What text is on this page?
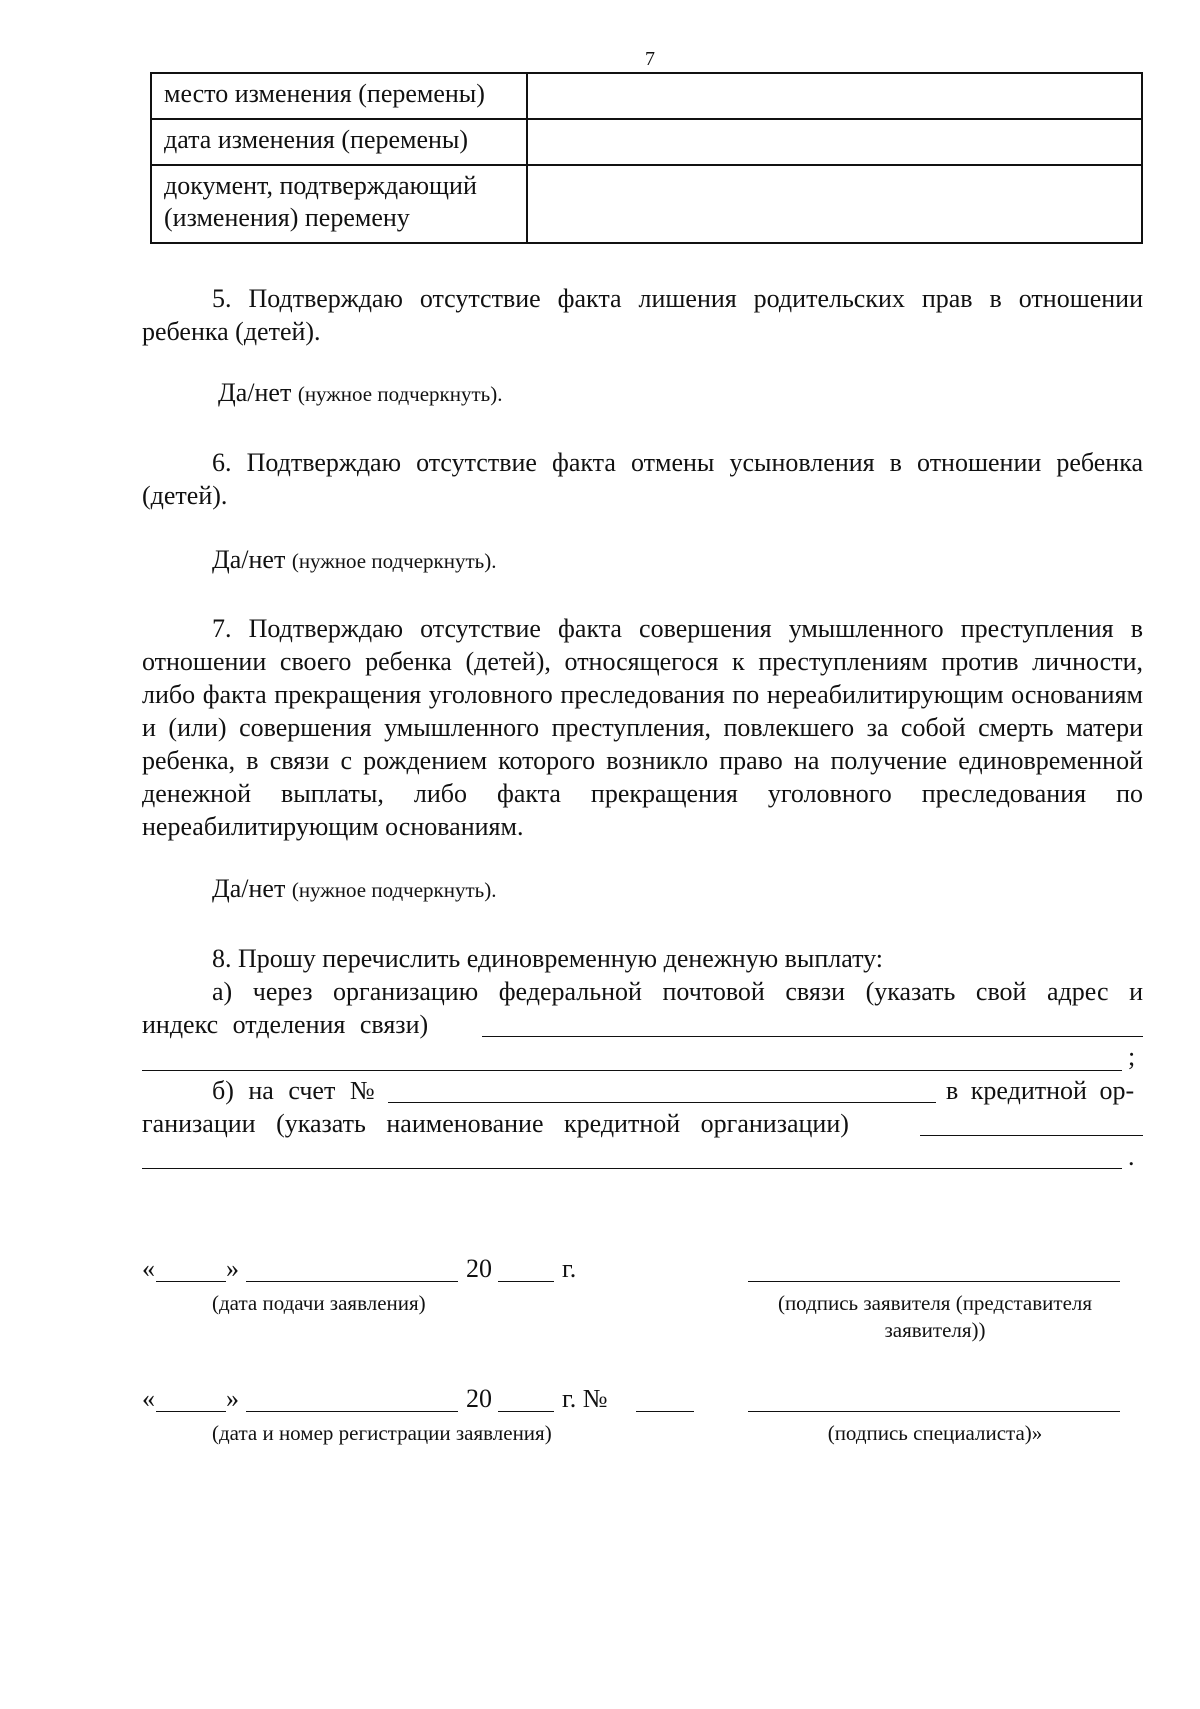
7
место изменения (перемены)	
дата изменения (перемены)	
документ, подтверждающий (изменения) перемену	
5. Подтверждаю отсутствие факта лишения родительских прав в отношении ребенка (детей).
Да/нет (нужное подчеркнуть).
6. Подтверждаю отсутствие факта отмены усыновления в отношении ребенка (детей).
Да/нет (нужное подчеркнуть).
7. Подтверждаю отсутствие факта совершения умышленного преступления в отношении своего ребенка (детей), относящегося к преступлениям против личности, либо факта прекращения уголовного преследования по нереабилитирующим основаниям и (или) совершения умышленного преступления, повлекшего за собой смерть матери ребенка, в связи с рождением которого возникло право на получение единовременной денежной выплаты, либо факта прекращения уголовного преследования по нереабилитирующим основаниям.
Да/нет (нужное подчеркнуть).
8. Прошу перечислить единовременную денежную выплату:
а) через организацию федеральной почтовой связи (указать свой адрес и
индекс отделения связи)
;
б) на счет №	в кредитной ор-
ганизации (указать наименование кредитной организации)
.
«	»	20	г.
(дата подачи заявления)	(подпись заявителя (представителя заявителя))
«	»	20	г. №
(дата и номер регистрации заявления)	(подпись специалиста)»
